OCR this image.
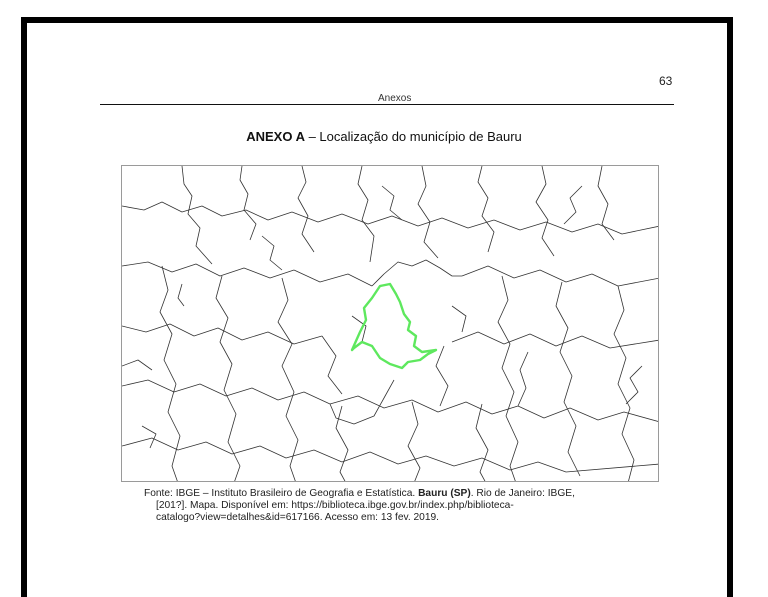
63
Anexos
ANEXO A – Localização do município de Bauru
Fonte: IBGE – Instituto Brasileiro de Geografia e Estatística. Bauru (SP). Rio de Janeiro: IBGE,
[201?]. Mapa. Disponível em: https://biblioteca.ibge.gov.br/index.php/biblioteca-
catalogo?view=detalhes&id=617166. Acesso em: 13 fev. 2019.
